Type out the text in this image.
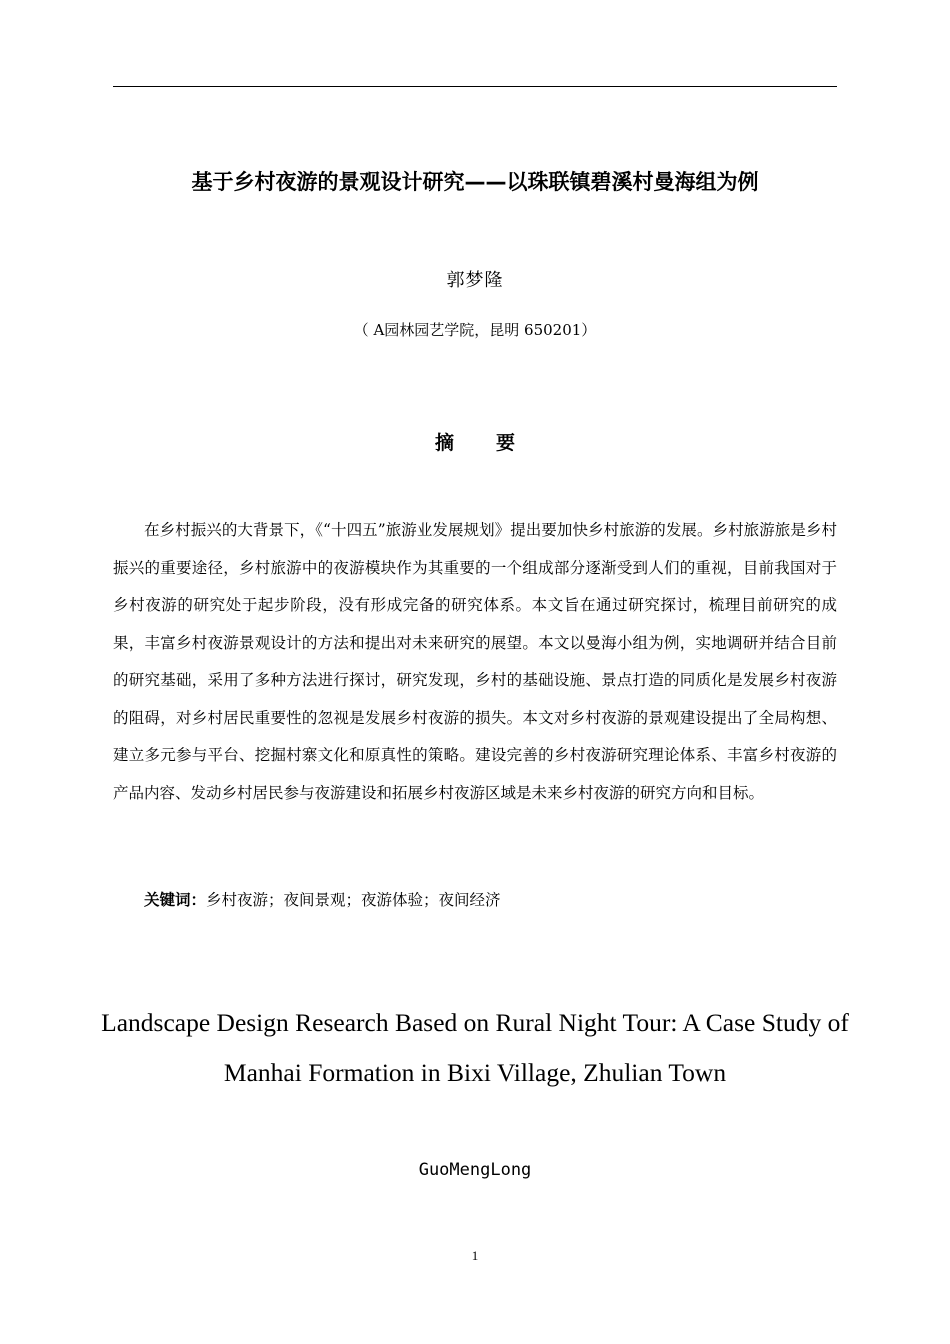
基于乡村夜游的景观设计研究——以珠联镇碧溪村曼海组为例
郭梦隆
（ A园林园艺学院，昆明 650201）
摘要

在乡村振兴的大背景下，《“十四五”旅游业发展规划》提出要加快乡村旅游的发展。乡村旅游旅是乡村振兴的重要途径，乡村旅游中的夜游模块作为其重要的一个组成部分逐渐受到人们的重视，目前我国对于乡村夜游的研究处于起步阶段，没有形成完备的研究体系。本文旨在通过研究探讨，梳理目前研究的成果，丰富乡村夜游景观设计的方法和提出对未来研究的展望。本文以曼海小组为例，实地调研并结合目前的研究基础，采用了多种方法进行探讨，研究发现，乡村的基础设施、景点打造的同质化是发展乡村夜游的阻碍，对乡村居民重要性的忽视是发展乡村夜游的损失。本文对乡村夜游的景观建设提出了全局构想、建立多元参与平台、挖掘村寨文化和原真性的策略。建设完善的乡村夜游研究理论体系、丰富乡村夜游的产品内容、发动乡村居民参与夜游建设和拓展乡村夜游区域是未来乡村夜游的研究方向和目标。

关键词：乡村夜游；夜间景观；夜游体验；夜间经济

Landscape Design Research Based on Rural Night Tour: A Case Study of Manhai Formation in Bixi Village, Zhulian Town

GuoMengLong
1
